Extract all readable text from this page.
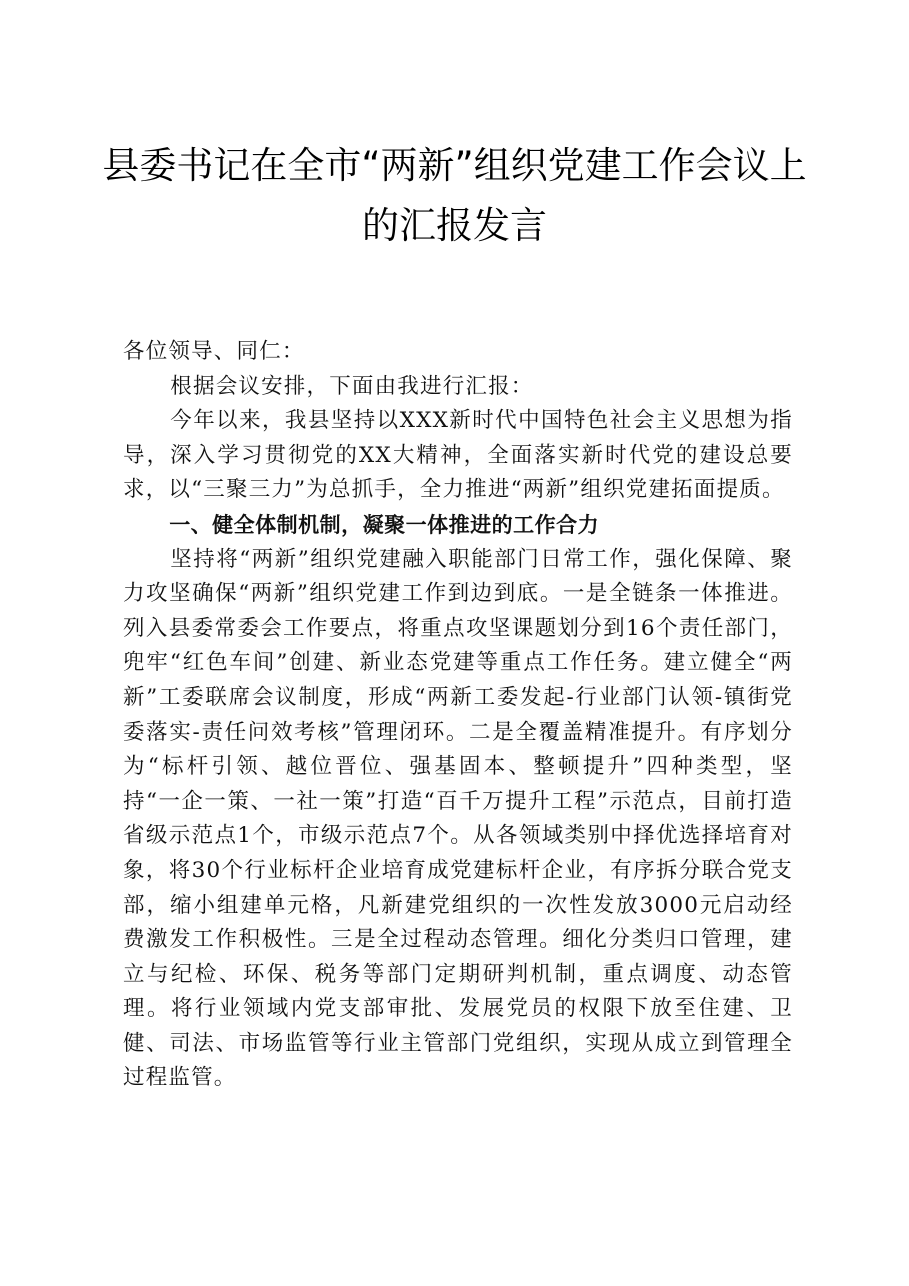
县委书记在全市“两新”组织党建工作会议上的汇报发言

各位领导、同仁：

根据会议安排，下面由我进行汇报：

今年以来，我县坚持以XXX新时代中国特色社会主义思想为指导，深入学习贯彻党的XX大精神，全面落实新时代党的建设总要求，以“三聚三力”为总抓手，全力推进“两新”组织党建拓面提质。

一、健全体制机制，凝聚一体推进的工作合力

坚持将“两新”组织党建融入职能部门日常工作，强化保障、聚力攻坚确保“两新”组织党建工作到边到底。一是全链条一体推进。列入县委常委会工作要点，将重点攻坚课题划分到16个责任部门，兜牢“红色车间”创建、新业态党建等重点工作任务。建立健全“两新”工委联席会议制度，形成“两新工委发起-行业部门认领-镇街党委落实-责任问效考核”管理闭环。二是全覆盖精准提升。有序划分为“标杆引领、越位晋位、强基固本、整顿提升”四种类型，坚持“一企一策、一社一策”打造“百千万提升工程”示范点，目前打造省级示范点1个，市级示范点7个。从各领域类别中择优选择培育对象，将30个行业标杆企业培育成党建标杆企业，有序拆分联合党支部，缩小组建单元格，凡新建党组织的一次性发放3000元启动经费激发工作积极性。三是全过程动态管理。细化分类归口管理，建立与纪检、环保、税务等部门定期研判机制，重点调度、动态管理。将行业领域内党支部审批、发展党员的权限下放至住建、卫健、司法、市场监管等行业主管部门党组织，实现从成立到管理全过程监管。
